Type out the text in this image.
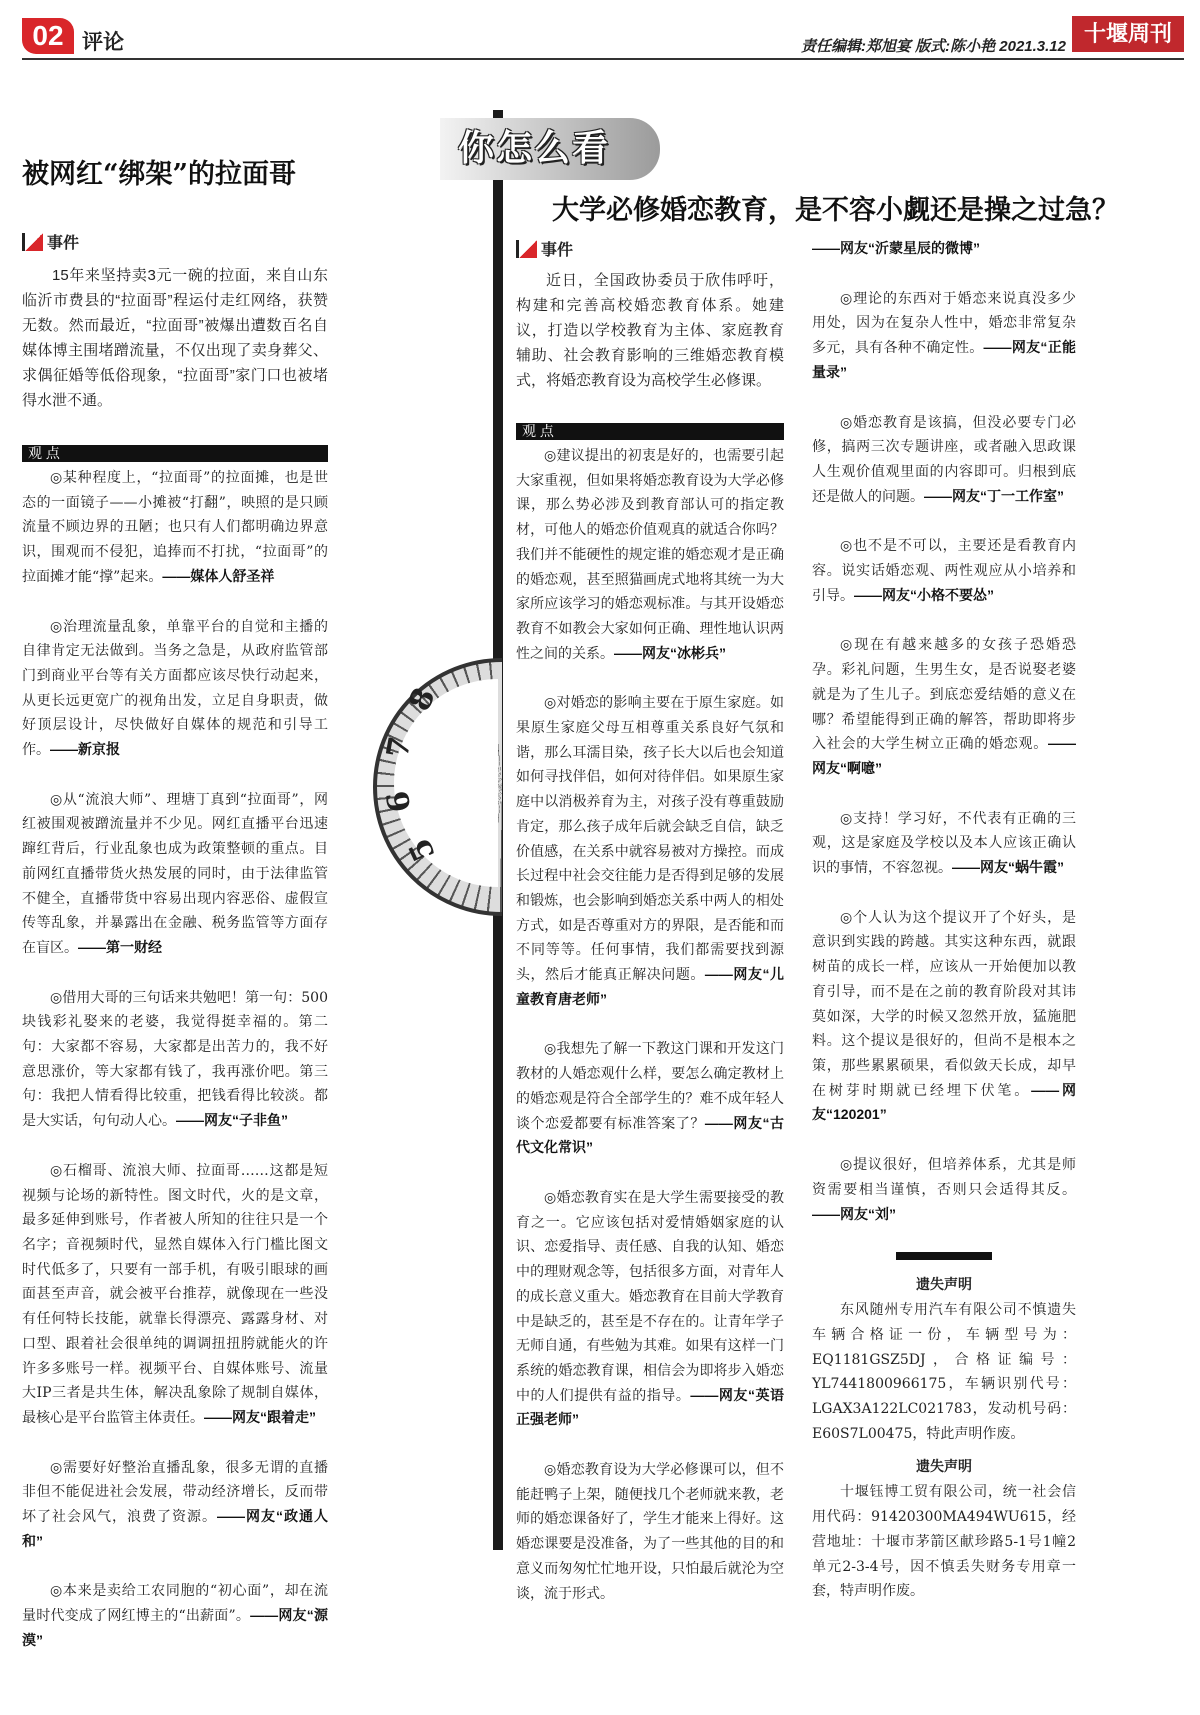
02 评论	责任编辑:郑旭宴 版式:陈小艳 2021.3.12 十堰周刊
你怎么看
8
7
6
5
被网红“绑架”的拉面哥
大学必修婚恋教育，是不容小觑还是操之过急？
事件

15年来坚持卖3元一碗的拉面，来自山东临沂市费县的“拉面哥”程运付走红网络，获赞无数。然而最近，“拉面哥”被爆出遭数百名自媒体博主围堵蹭流量，不仅出现了卖身葬父、求偶征婚等低俗现象，“拉面哥”家门口也被堵得水泄不通。

观 点

◎某种程度上，“拉面哥”的拉面摊，也是世态的一面镜子——小摊被“打翻”，映照的是只顾流量不顾边界的丑陋；也只有人们都明确边界意识，围观而不侵犯，追捧而不打扰，“拉面哥”的拉面摊才能“撑”起来。——媒体人舒圣祥

◎治理流量乱象，单靠平台的自觉和主播的自律肯定无法做到。当务之急是，从政府监管部门到商业平台等有关方面都应该尽快行动起来，从更长远更宽广的视角出发，立足自身职责，做好顶层设计，尽快做好自媒体的规范和引导工作。——新京报

◎从“流浪大师”、理塘丁真到“拉面哥”，网红被围观被蹭流量并不少见。网红直播平台迅速蹿红背后，行业乱象也成为政策整顿的重点。目前网红直播带货火热发展的同时，由于法律监管不健全，直播带货中容易出现内容恶俗、虚假宣传等乱象，并暴露出在金融、税务监管等方面存在盲区。——第一财经

◎借用大哥的三句话来共勉吧！第一句：500块钱彩礼娶来的老婆，我觉得挺幸福的。第二句：大家都不容易，大家都是出苦力的，我不好意思涨价，等大家都有钱了，我再涨价吧。第三句：我把人情看得比较重，把钱看得比较淡。都是大实话，句句动人心。——网友“子非鱼”

◎石榴哥、流浪大师、拉面哥……这都是短视频与论场的新特性。图文时代，火的是文章，最多延伸到账号，作者被人所知的往往只是一个名字；音视频时代，显然自媒体入行门槛比图文时代低多了，只要有一部手机，有吸引眼球的画面甚至声音，就会被平台推荐，就像现在一些没有任何特长技能，就靠长得漂亮、露露身材、对口型、跟着社会很单纯的调调扭扭胯就能火的许许多多账号一样。视频平台、自媒体账号、流量大IP三者是共生体，解决乱象除了规制自媒体，最核心是平台监管主体责任。——网友“跟着走”

◎需要好好整治直播乱象，很多无谓的直播非但不能促进社会发展，带动经济增长，反而带坏了社会风气，浪费了资源。——网友“政通人和”

◎本来是卖给工农同胞的“初心面”，却在流量时代变成了网红博主的“出薪面”。——网友“源漠”

事件

近日，全国政协委员于欣伟呼吁，构建和完善高校婚恋教育体系。她建议，打造以学校教育为主体、家庭教育辅助、社会教育影响的三维婚恋教育模式，将婚恋教育设为高校学生必修课。

观 点

◎建议提出的初衷是好的，也需要引起大家重视，但如果将婚恋教育设为大学必修课，那么势必涉及到教育部认可的指定教材，可他人的婚恋价值观真的就适合你吗？我们并不能硬性的规定谁的婚恋观才是正确的婚恋观，甚至照猫画虎式地将其统一为大家所应该学习的婚恋观标准。与其开设婚恋教育不如教会大家如何正确、理性地认识两性之间的关系。——网友“冰彬兵”

◎对婚恋的影响主要在于原生家庭。如果原生家庭父母互相尊重关系良好气氛和谐，那么耳濡目染，孩子长大以后也会知道如何寻找伴侣，如何对待伴侣。如果原生家庭中以消极养育为主，对孩子没有尊重鼓励肯定，那么孩子成年后就会缺乏自信，缺乏价值感，在关系中就容易被对方操控。而成长过程中社会交往能力是否得到足够的发展和锻炼，也会影响到婚恋关系中两人的相处方式，如是否尊重对方的界限，是否能和而不同等等。任何事情，我们都需要找到源头，然后才能真正解决问题。——网友“儿童教育唐老师”

◎我想先了解一下教这门课和开发这门教材的人婚恋观什么样，要怎么确定教材上的婚恋观是符合全部学生的？难不成年轻人谈个恋爱都要有标准答案了？——网友“古代文化常识”

◎婚恋教育实在是大学生需要接受的教育之一。它应该包括对爱情婚姻家庭的认识、恋爱指导、责任感、自我的认知、婚恋中的理财观念等，包括很多方面，对青年人的成长意义重大。婚恋教育在目前大学教育中是缺乏的，甚至是不存在的。让青年学子无师自通，有些勉为其难。如果有这样一门系统的婚恋教育课，相信会为即将步入婚恋中的人们提供有益的指导。——网友“英语正强老师”

◎婚恋教育设为大学必修课可以，但不能赶鸭子上架，随便找几个老师就来教，老师的婚恋课备好了，学生才能来上得好。这婚恋课要是没准备，为了一些其他的目的和意义而匆匆忙忙地开设，只怕最后就沦为空谈，流于形式。

——网友“沂蒙星辰的微博”

◎理论的东西对于婚恋来说真没多少用处，因为在复杂人性中，婚恋非常复杂多元，具有各种不确定性。——网友“正能量录”

◎婚恋教育是该搞，但没必要专门必修，搞两三次专题讲座，或者融入思政课人生观价值观里面的内容即可。归根到底还是做人的问题。——网友“丁一工作室”

◎也不是不可以，主要还是看教育内容。说实话婚恋观、两性观应从小培养和引导。——网友“小格不要怂”

◎现在有越来越多的女孩子恐婚恐孕。彩礼问题，生男生女，是否说娶老婆就是为了生儿子。到底恋爱结婚的意义在哪？希望能得到正确的解答，帮助即将步入社会的大学生树立正确的婚恋观。——网友“啊噫”

◎支持！学习好，不代表有正确的三观，这是家庭及学校以及本人应该正确认识的事情，不容忽视。——网友“蜗牛霞”

◎个人认为这个提议开了个好头，是意识到实践的跨越。其实这种东西，就跟树苗的成长一样，应该从一开始便加以教育引导，而不是在之前的教育阶段对其讳莫如深，大学的时候又忽然开放，猛施肥料。这个提议是很好的，但尚不是根本之策，那些累累硕果，看似敛天长成，却早在树芽时期就已经埋下伏笔。——网友“120201”

◎提议很好，但培养体系，尤其是师资需要相当谨慎，否则只会适得其反。——网友“刘”

遗失声明

东风随州专用汽车有限公司不慎遗失车辆合格证一份，车辆型号为：EQ1181GSZ5DJ，合格证编号：YL7441800966175，车辆识别代号：LGAX3A122LC021783，发动机号码：E60S7L00475，特此声明作废。

遗失声明

十堰钰博工贸有限公司，统一社会信用代码：91420300MA494WU615，经营地址：十堰市茅箭区献珍路5-1号1幢2单元2-3-4号，因不慎丢失财务专用章一套，特声明作废。
